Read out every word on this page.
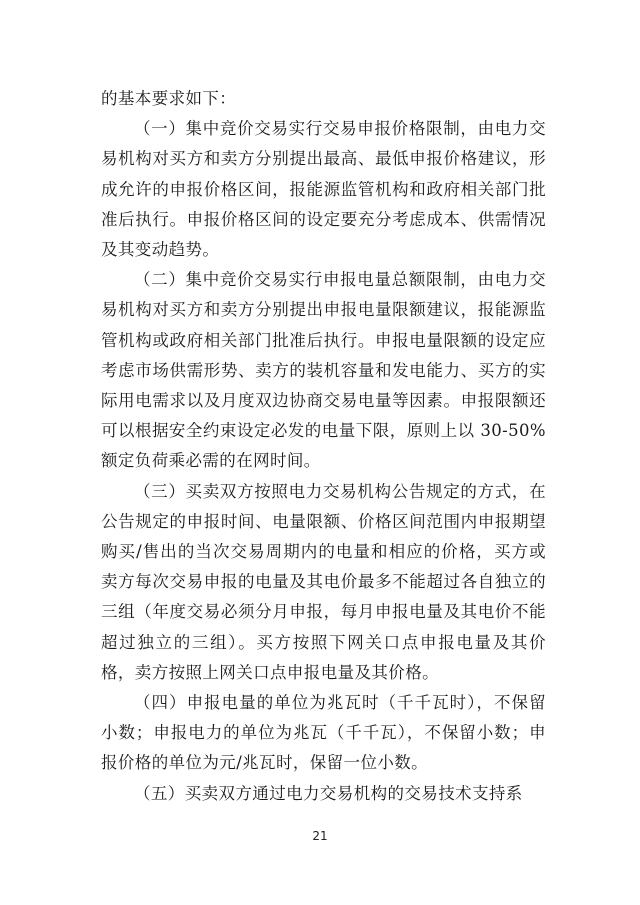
的基本要求如下：

（一）集中竞价交易实行交易申报价格限制，由电力交易机构对买方和卖方分别提出最高、最低申报价格建议，形成允许的申报价格区间，报能源监管机构和政府相关部门批准后执行。申报价格区间的设定要充分考虑成本、供需情况及其变动趋势。

（二）集中竞价交易实行申报电量总额限制，由电力交易机构对买方和卖方分别提出申报电量限额建议，报能源监管机构或政府相关部门批准后执行。申报电量限额的设定应考虑市场供需形势、卖方的装机容量和发电能力、买方的实际用电需求以及月度双边协商交易电量等因素。申报限额还可以根据安全约束设定必发的电量下限，原则上以 30-50%额定负荷乘必需的在网时间。

（三）买卖双方按照电力交易机构公告规定的方式，在公告规定的申报时间、电量限额、价格区间范围内申报期望购买/售出的当次交易周期内的电量和相应的价格，买方或卖方每次交易申报的电量及其电价最多不能超过各自独立的三组（年度交易必须分月申报，每月申报电量及其电价不能超过独立的三组）。买方按照下网关口点申报电量及其价格，卖方按照上网关口点申报电量及其价格。

（四）申报电量的单位为兆瓦时（千千瓦时），不保留小数；申报电力的单位为兆瓦（千千瓦），不保留小数；申报价格的单位为元/兆瓦时，保留一位小数。

（五）买卖双方通过电力交易机构的交易技术支持系

21
